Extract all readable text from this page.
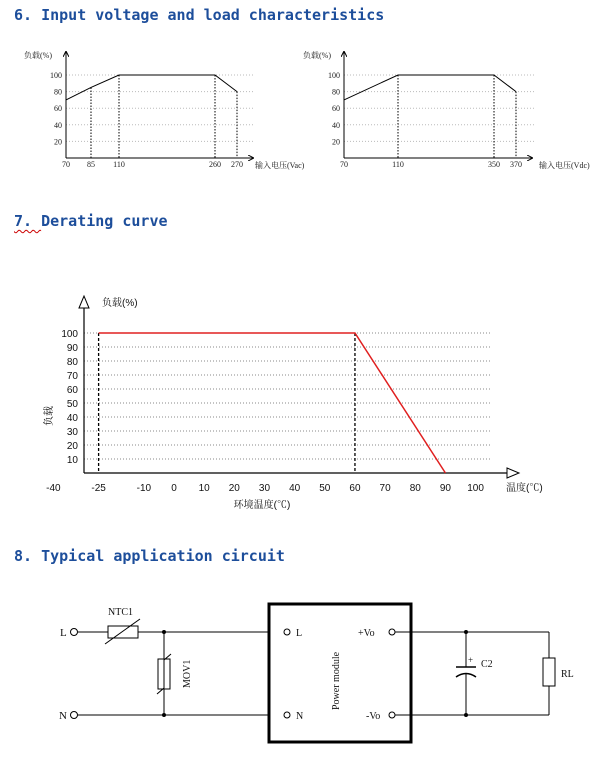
6. Input voltage and load characteristics
7. Derating curve
8. Typical application circuit
20
40
60
80
100
70 85 110	260 270
负载(%)
输入电压(Vac)
20
40
60
80
100
70	110	350 370
负载(%)
输入电压(Vdc)
10
20
30
40
50
60
70
80
90
100
-40	-25	-10 0 10 20 30 40 50 60 70 80 90 100
负载(%)
温度(℃)
环境温度(℃)
负载
L
N
NTC1
MOV1
L
N
Power module
+Vo
-Vo
+ C2
RL
